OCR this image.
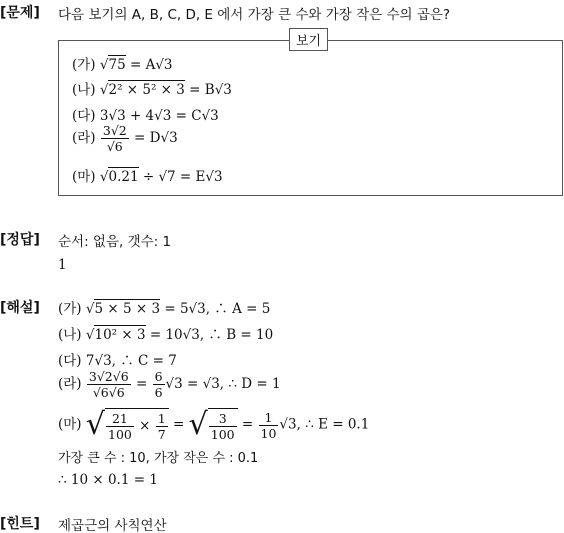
[문제] 다음 보기의 A, B, C, D, E 에서 가장 큰 수와 가장 작은 수의 곱은?
보기
(가) √75 = A√3
(나) √2² × 5² × 3 = B√3
(다) 3√3 + 4√3 = C√3
(라) $\frac{3√2}{√6} = D√3$
(마) √0.21 ÷ √7 = E√3
[정답] 순서: 없음, 갯수: 1
1
[해설] (가) √5 × 5 × 3 = 5√3, ∴ A = 5
(나) √10² × 3 = 10√3, ∴ B = 10
(다) 7√3, ∴ C = 7
(라) $\frac{3√2√6}{√6√6} = \frac{6}{6} √3 = √3$, ∴ D = 1
(마) √ $\frac{21}{100} \times \frac{1}{7}$ = √ $\frac{3}{100} = \frac{1}{10} √3$, ∴ E = 0.1
가장 큰 수 : 10, 가장 작은 수 : 0.1
∴ 10 × 0.1 = 1
[힌트] 제곱근의 사칙연산
